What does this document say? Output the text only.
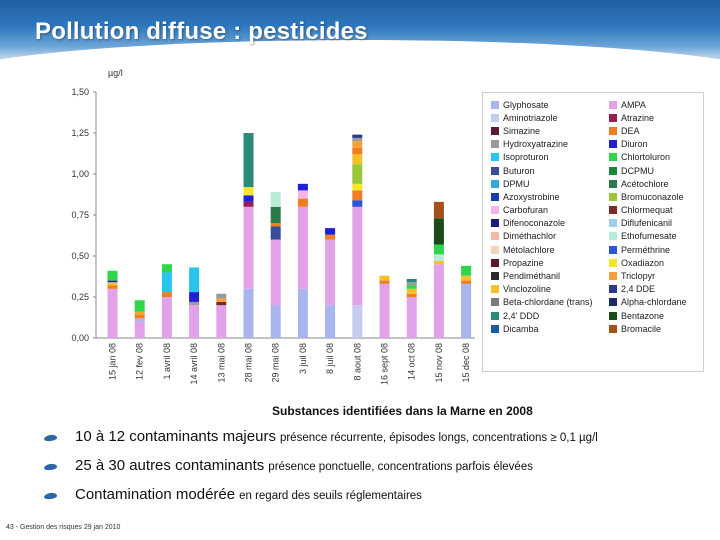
Pollution diffuse : pesticides
µg/l
0,00
0,25
0,50
0,75
1,00
1,25
1,50
15 jan 08 12 fev 08 1 avril 08 14 avril 08 13 mai 08 28 mai 08 29 mai 08 3 juil 08 8 juil 08 8 aout 08 16 sept 08 14 oct 08 15 nov 08 15 dec 08
Glyphosate	AMPA
Aminotriazole	Atrazine
Simazine	DEA
Hydroxyatrazine	Diuron
Isoproturon	Chlortoluron
Buturon	DCPMU
DPMU	Acétochlore
Azoxystrobine	Bromuconazole
Carbofuran	Chlormequat
Difenoconazole	Diflufenicanil
Diméthachlor	Ethofumesate
Métolachlore	Perméthrine
Propazine	Oxadiazon
Pendiméthanil	Triclopyr
Vinclozoline	2,4 DDE
Beta-chlordane (trans)	Alpha-chlordane
2,4' DDD	Bentazone
Dicamba	Bromacile
Substances identifiées dans la Marne en 2008
10 à 12 contaminants majeurs présence récurrente, épisodes longs, concentrations ≥ 0,1 µg/l
25 à 30 autres contaminants présence ponctuelle, concentrations parfois élevées
Contamination modérée en regard des seuils réglementaires
43 - Gestion des risques 29 jan 2010
